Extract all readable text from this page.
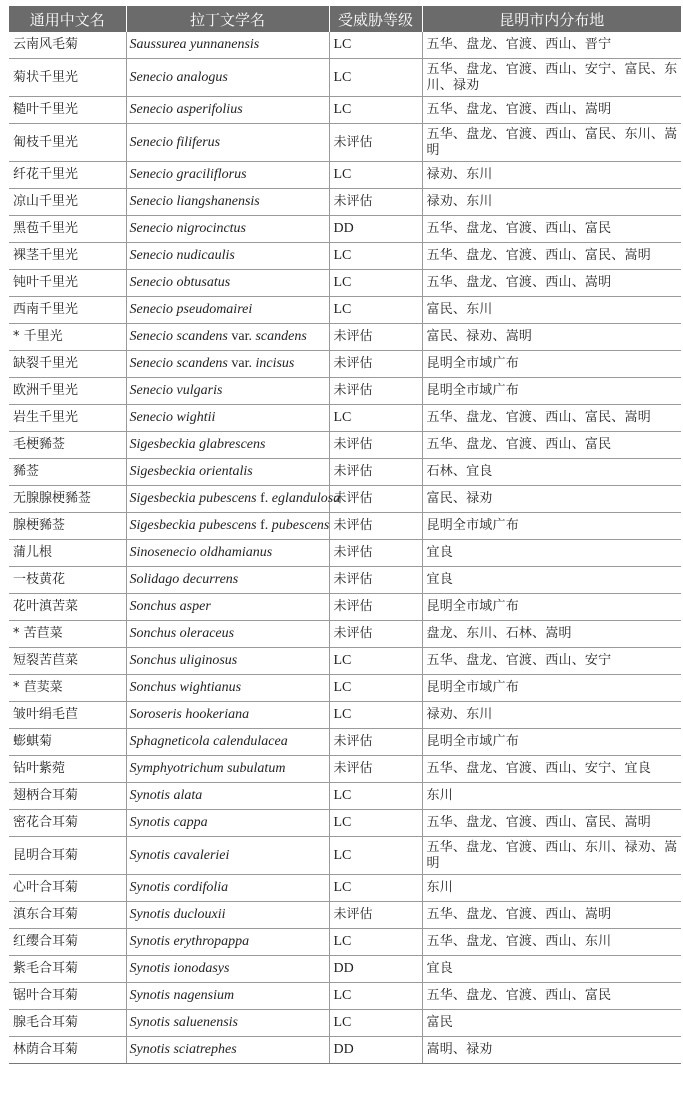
通用中文名	拉丁文学名	受威胁等级	昆明市内分布地
云南风毛菊	Saussurea yunnanensis	LC	五华、盘龙、官渡、西山、晋宁
菊状千里光	Senecio analogus	LC	五华、盘龙、官渡、西山、安宁、富民、东川、禄劝
糙叶千里光	Senecio asperifolius	LC	五华、盘龙、官渡、西山、嵩明
匍枝千里光	Senecio filiferus	未评估	五华、盘龙、官渡、西山、富民、东川、嵩明
纤花千里光	Senecio graciliflorus	LC	禄劝、东川
凉山千里光	Senecio liangshanensis	未评估	禄劝、东川
黑苞千里光	Senecio nigrocinctus	DD	五华、盘龙、官渡、西山、富民
裸茎千里光	Senecio nudicaulis	LC	五华、盘龙、官渡、西山、富民、嵩明
钝叶千里光	Senecio obtusatus	LC	五华、盘龙、官渡、西山、嵩明
西南千里光	Senecio pseudomairei	LC	富民、东川
* 千里光	Senecio scandens var. scandens	未评估	富民、禄劝、嵩明
缺裂千里光	Senecio scandens var. incisus	未评估	昆明全市域广布
欧洲千里光	Senecio vulgaris	未评估	昆明全市域广布
岩生千里光	Senecio wightii	LC	五华、盘龙、官渡、西山、富民、嵩明
毛梗豨莶	Sigesbeckia glabrescens	未评估	五华、盘龙、官渡、西山、富民
豨莶	Sigesbeckia orientalis	未评估	石林、宜良
无腺腺梗豨莶	Sigesbeckia pubescens f. eglandulosa	未评估	富民、禄劝
腺梗豨莶	Sigesbeckia pubescens f. pubescens	未评估	昆明全市域广布
蒲儿根	Sinosenecio oldhamianus	未评估	宜良
一枝黄花	Solidago decurrens	未评估	宜良
花叶滇苦菜	Sonchus asper	未评估	昆明全市域广布
* 苦苣菜	Sonchus oleraceus	未评估	盘龙、东川、石林、嵩明
短裂苦苣菜	Sonchus uliginosus	LC	五华、盘龙、官渡、西山、安宁
* 苣荬菜	Sonchus wightianus	LC	昆明全市域广布
皱叶绢毛苣	Soroseris hookeriana	LC	禄劝、东川
蟛蜞菊	Sphagneticola calendulacea	未评估	昆明全市域广布
钻叶紫菀	Symphyotrichum subulatum	未评估	五华、盘龙、官渡、西山、安宁、宜良
翅柄合耳菊	Synotis alata	LC	东川
密花合耳菊	Synotis cappa	LC	五华、盘龙、官渡、西山、富民、嵩明
昆明合耳菊	Synotis cavaleriei	LC	五华、盘龙、官渡、西山、东川、禄劝、嵩明
心叶合耳菊	Synotis cordifolia	LC	东川
滇东合耳菊	Synotis duclouxii	未评估	五华、盘龙、官渡、西山、嵩明
红缨合耳菊	Synotis erythropappa	LC	五华、盘龙、官渡、西山、东川
紫毛合耳菊	Synotis ionodasys	DD	宜良
锯叶合耳菊	Synotis nagensium	LC	五华、盘龙、官渡、西山、富民
腺毛合耳菊	Synotis saluenensis	LC	富民
林荫合耳菊	Synotis sciatrephes	DD	嵩明、禄劝
